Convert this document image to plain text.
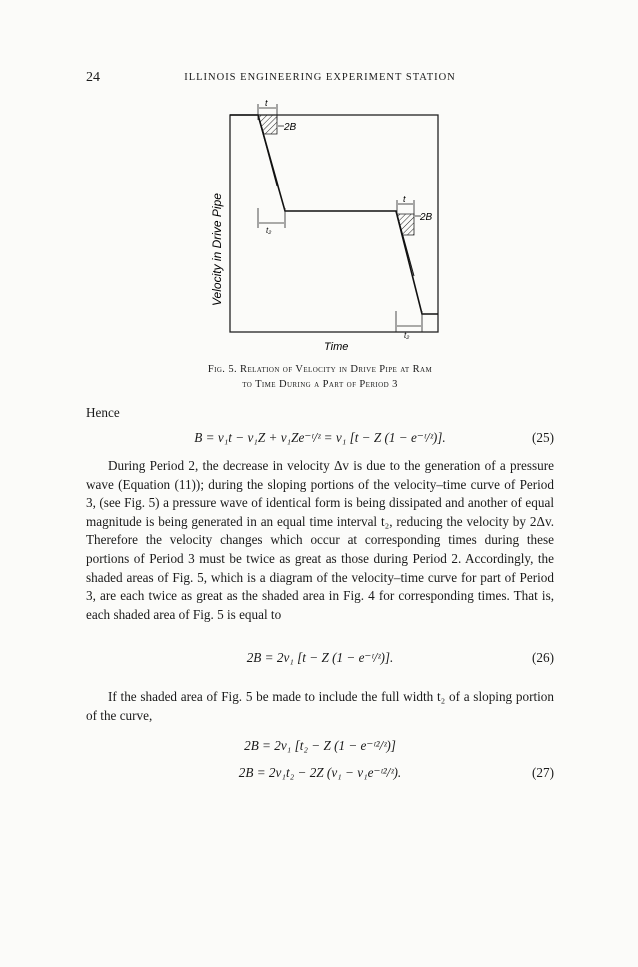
24	ILLINOIS ENGINEERING EXPERIMENT STATION
t
2B
t₂
t
2B
t₂
Velocity in Drive Pipe
Time
Fig. 5. Relation of Velocity in Drive Pipe at Ram
to Time During a Part of Period 3
Hence
B = v₁t − v₁Z + v₁Ze⁻ᵗ/ᶻ = v₁ [t − Z (1 − e⁻ᵗ/ᶻ)].	(25)

During Period 2, the decrease in velocity Δv is due to the generation of a pressure wave (Equation (11)); during the sloping portions of the velocity–time curve of Period 3, (see Fig. 5) a pressure wave of identical form is being dissipated and another of equal magnitude is being generated in an equal time interval t₂, reducing the velocity by 2Δv. Therefore the velocity changes which occur at corresponding times during these portions of Period 3 must be twice as great as those during Period 2. Accordingly, the shaded areas of Fig. 5, which is a diagram of the velocity–time curve for part of Period 3, are each twice as great as the shaded area in Fig. 4 for corresponding times. That is, each shaded area of Fig. 5 is equal to

2B = 2v₁ [t − Z (1 − e⁻ᵗ/ᶻ)].	(26)

If the shaded area of Fig. 5 be made to include the full width t₂ of a sloping portion of the curve,

2B = 2v₁ [t₂ − Z (1 − e⁻ᵗ²/ᶻ)]
2B = 2v₁t₂ − 2Z (v₁ − v₁e⁻ᵗ²/ᶻ).	(27)
